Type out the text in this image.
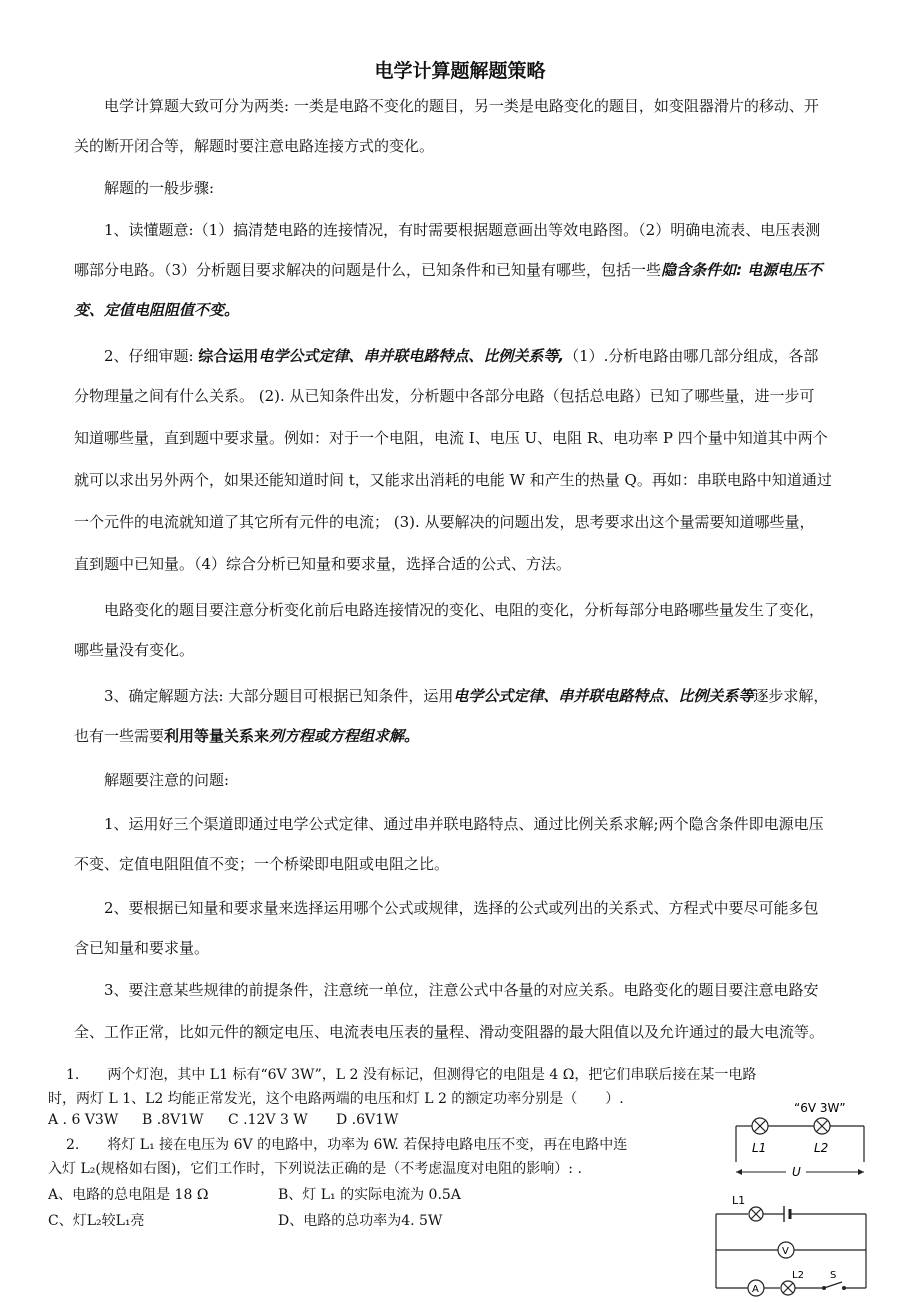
电学计算题解题策略
电学计算题大致可分为两类: 一类是电路不变化的题目，另一类是电路变化的题目，如变阻器滑片的移动、开
关的断开闭合等，解题时要注意电路连接方式的变化。
解题的一般步骤:
1、读懂题意:（1）搞清楚电路的连接情况，有时需要根据题意画出等效电路图。（2）明确电流表、电压表测
哪部分电路。（3）分析题目要求解决的问题是什么，已知条件和已知量有哪些，包括一些隐含条件如: 电源电压不
变、定值电阻阻值不变。
2、仔细审题: 综合运用电学公式定律、串并联电路特点、比例关系等,（1）.分析电路由哪几部分组成，各部
分物理量之间有什么关系。 (2). 从已知条件出发，分析题中各部分电路（包括总电路）已知了哪些量，进一步可
知道哪些量，直到题中要求量。例如：对于一个电阻，电流 I、电压 U、电阻 R、电功率 P 四个量中知道其中两个
就可以求出另外两个，如果还能知道时间 t，又能求出消耗的电能 W 和产生的热量 Q。再如：串联电路中知道通过
一个元件的电流就知道了其它所有元件的电流； (3). 从要解决的问题出发，思考要求出这个量需要知道哪些量，
直到题中已知量。（4）综合分析已知量和要求量，选择合适的公式、方法。
电路变化的题目要注意分析变化前后电路连接情况的变化、电阻的变化，分析每部分电路哪些量发生了变化，
哪些量没有变化。
3、确定解题方法: 大部分题目可根据已知条件，运用电学公式定律、串并联电路特点、比例关系等逐步求解，
也有一些需要利用等量关系来列方程或方程组求解。
解题要注意的问题:
1、运用好三个渠道即通过电学公式定律、通过串并联电路特点、通过比例关系求解;两个隐含条件即电源电压
不变、定值电阻阻值不变；一个桥梁即电阻或电阻之比。
2、要根据已知量和要求量来选择运用哪个公式或规律，选择的公式或列出的关系式、方程式中要尽可能多包
含已知量和要求量。
3、要注意某些规律的前提条件，注意统一单位，注意公式中各量的对应关系。电路变化的题目要注意电路安
全、工作正常，比如元件的额定电压、电流表电压表的量程、滑动变阻器的最大阻值以及允许通过的最大电流等。
1.　　两个灯泡，其中 L1 标有“6V 3W”，L 2 没有标记，但测得它的电阻是 4 Ω，把它们串联后接在某一电路
时，两灯 L 1、L2 均能正常发光，这个电路两端的电压和灯 L 2 的额定功率分别是（　　）.
A . 6 V3W B .8V1W C .12V 3 W D .6V1W
2.　　将灯 L₁ 接在电压为 6V 的电路中，功率为 6W. 若保持电路电压不变，再在电路中连
入灯 L₂(规格如右图)，它们工作时，下列说法正确的是（不考虑温度对电阻的影响）: .
A、电路的总电阻是 18 Ω	B、灯 L₁ 的实际电流为 0.5A
C、灯L₂较L₁亮	D、电路的总功率为4. 5W
“6V 3W”
L1	L2
U
L1
V
A
L2	S
